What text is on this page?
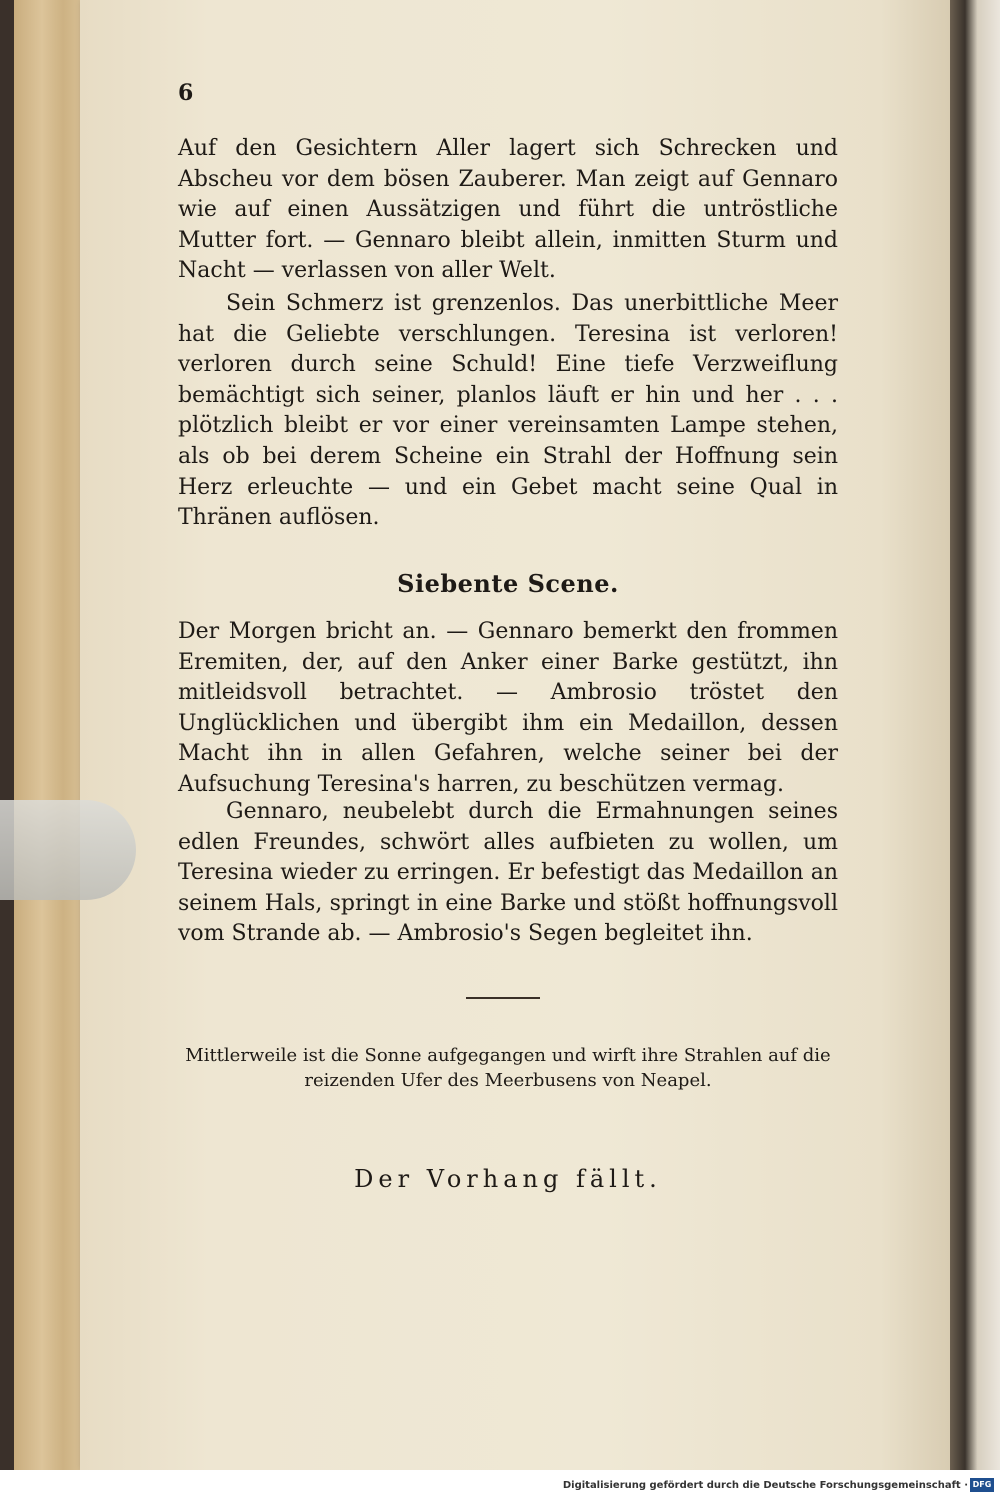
6

Auf den Gesichtern Aller lagert sich Schrecken und Abscheu vor dem bösen Zauberer. Man zeigt auf Gennaro wie auf einen Aussätzigen und führt die untröstliche Mutter fort. — Gennaro bleibt allein, inmitten Sturm und Nacht — verlassen von aller Welt.

Sein Schmerz ist grenzenlos. Das unerbittliche Meer hat die Geliebte verschlungen. Teresina ist verloren! verloren durch seine Schuld! Eine tiefe Verzweiflung bemächtigt sich seiner, planlos läuft er hin und her . . . plötzlich bleibt er vor einer vereinsamten Lampe stehen, als ob bei derem Scheine ein Strahl der Hoffnung sein Herz erleuchte — und ein Gebet macht seine Qual in Thränen auflösen.

Siebente Scene.

Der Morgen bricht an. — Gennaro bemerkt den frommen Eremiten, der, auf den Anker einer Barke gestützt, ihn mitleidsvoll betrachtet. — Ambrosio tröstet den Unglücklichen und übergibt ihm ein Medaillon, dessen Macht ihn in allen Gefahren, welche seiner bei der Aufsuchung Teresina's harren, zu beschützen vermag.

Gennaro, neubelebt durch die Ermahnungen seines edlen Freundes, schwört alles aufbieten zu wollen, um Teresina wieder zu erringen. Er befestigt das Medaillon an seinem Hals, springt in eine Barke und stößt hoffnungsvoll vom Strande ab. — Ambrosio's Segen begleitet ihn.

Mittlerweile ist die Sonne aufgegangen und wirft ihre Strahlen auf die reizenden Ufer des Meerbusens von Neapel.
Der Vorhang fällt.
Digitalisierung gefördert durch die Deutsche Forschungsgemeinschaft · DFG
